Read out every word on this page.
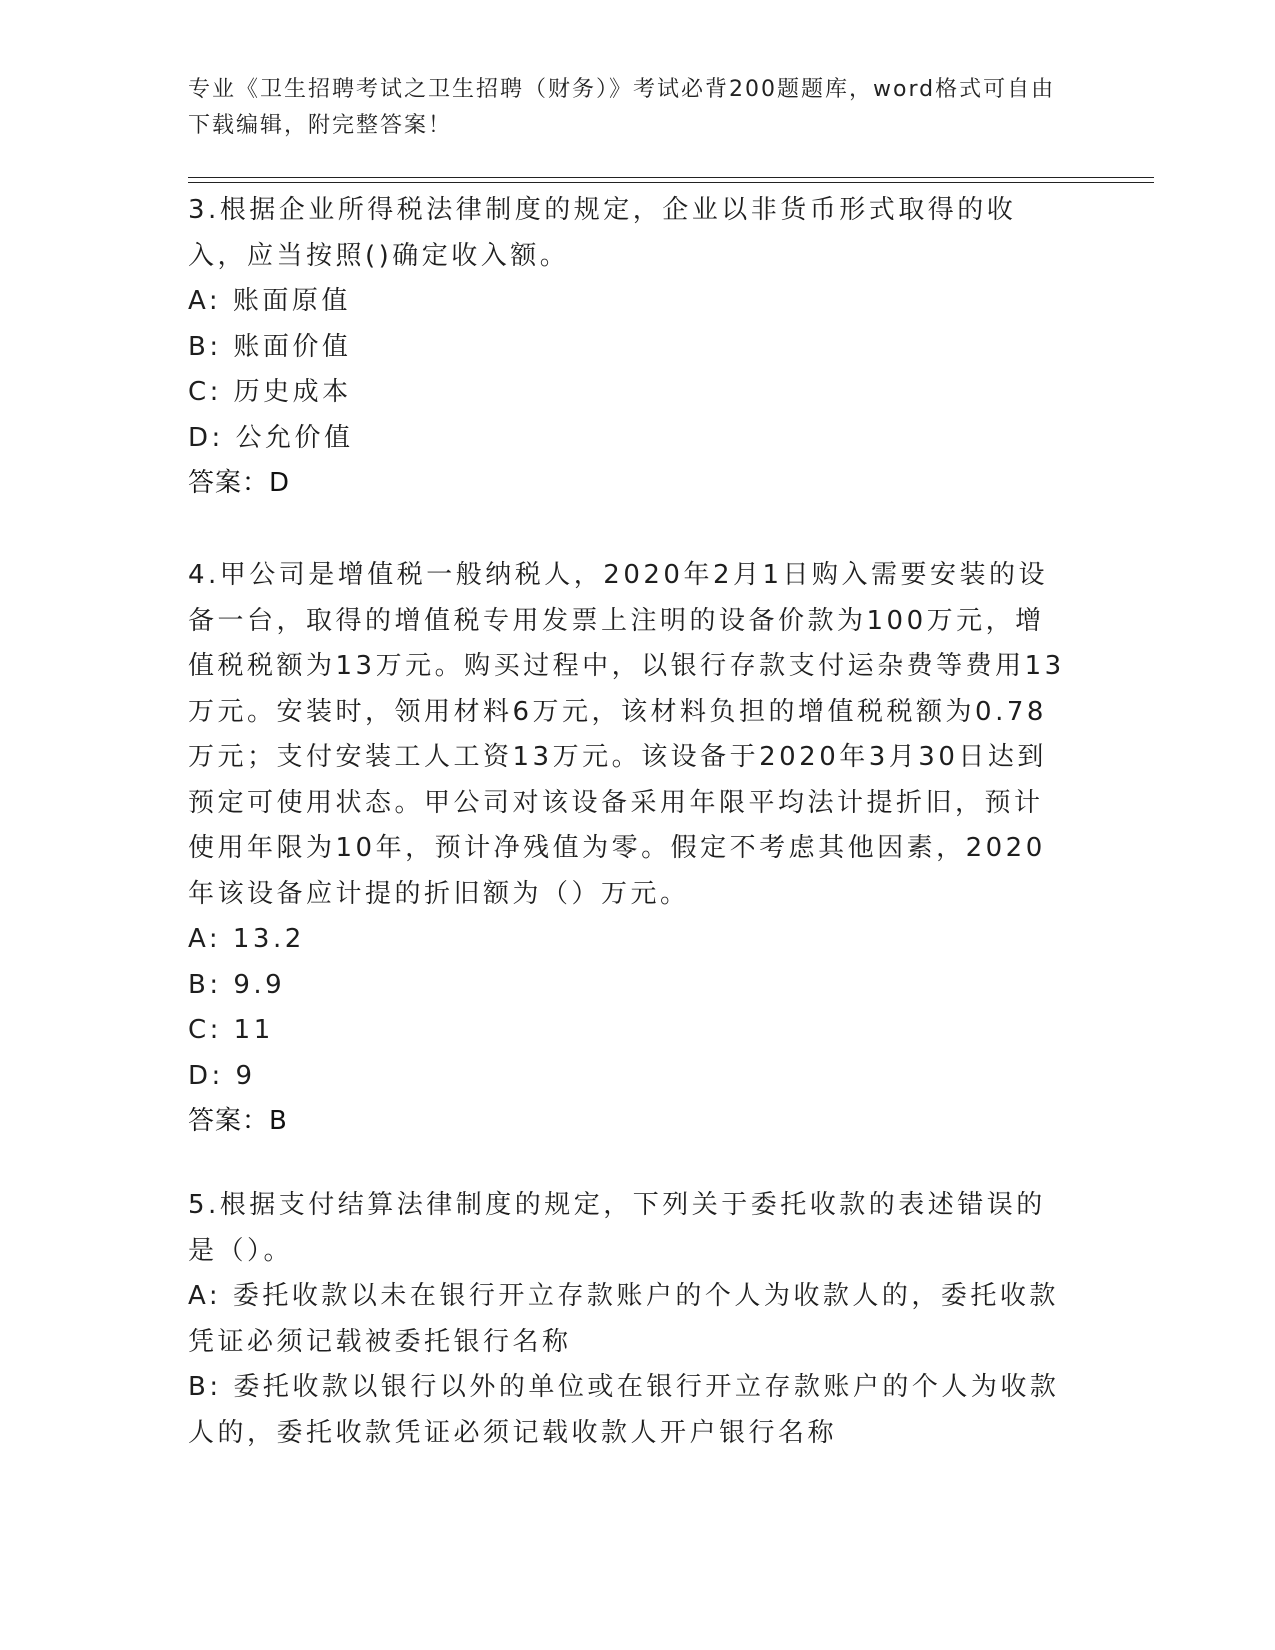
专业《卫生招聘考试之卫生招聘（财务）》考试必背200题题库，word格式可自由下载编辑，附完整答案！

3.根据企业所得税法律制度的规定，企业以非货币形式取得的收入，应当按照()确定收入额。

A: 账面原值

B: 账面价值

C: 历史成本

D: 公允价值

答案：D

4.甲公司是增值税一般纳税人，2020年2月1日购入需要安装的设备一台，取得的增值税专用发票上注明的设备价款为100万元，增值税税额为13万元。购买过程中，以银行存款支付运杂费等费用13万元。安装时，领用材料6万元，该材料负担的增值税税额为0.78万元；支付安装工人工资13万元。该设备于2020年3月30日达到预定可使用状态。甲公司对该设备采用年限平均法计提折旧，预计使用年限为10年，预计净残值为零。假定不考虑其他因素，2020年该设备应计提的折旧额为（）万元。

A: 13.2

B: 9.9

C: 11

D: 9

答案：B

5.根据支付结算法律制度的规定，下列关于委托收款的表述错误的是（）。

A: 委托收款以未在银行开立存款账户的个人为收款人的，委托收款凭证必须记载被委托银行名称

B: 委托收款以银行以外的单位或在银行开立存款账户的个人为收款人的，委托收款凭证必须记载收款人开户银行名称
